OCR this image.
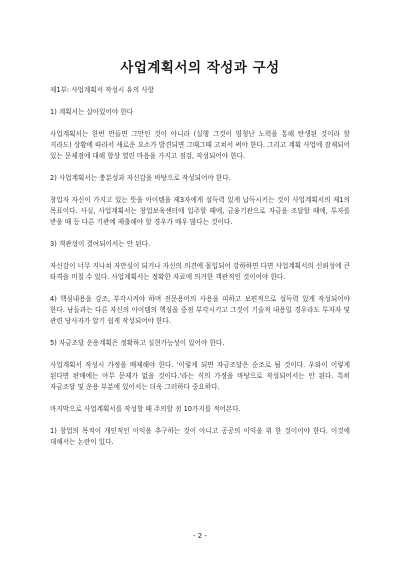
사업계획서의 작성과 구성
제1부: 사업계획서 작성시 유의 사항
1) 계획서는 살아있어야 한다
사업계획서는 한번 만들면 그만인 것이 아니라 (실행 그것이 엄청난 노력을 통해 탄생된 것이라 할 지라도) 상황에 따라서 새로운 요소가 발견되면 그때그때 고쳐서 써야 한다. 그리고 계획 사업에 잠재되어 있는 문제점에 대해 항상 열린 마음을 가지고 점검, 작성되어야 한다.
2) 사업계획서는 충분성과 자신감을 바탕으로 작성되어야 한다.
창업자 자신이 가지고 있는 뜻을 아이템을 제3자에게 설득력 있게 납득시키는 것이 사업계획서의 제1의 목표이다. 사실, 사업계획서는 창업보육센터에 입주할 때에, 금융기관으로 자금을 조달할 때에, 투자를 받을 때 등 다른 기관에 제출해야 할 경우가 매우 많다는 것이다.
3) 객관성이 결여되어서는 안 된다.
자신감이 너무 지나쳐 자만심이 되거나 자신의 의견에 몰입되어 강하하면 다면 사업계획서의 신뢰성에 큰 타격을 미칠 수 있다. 사업계획서는 정확한 자료에 의거한 객관적인 것이어야 한다.
4) 핵심내용을 강조, 부각시켜야 하며 전문용어의 사용을 피하고 보편적으로 설득력 있게 작성되어야 한다. 남들과는 다른 자신의 아이템의 핵심을 중점 부각시키고 그것이 기술적 내용일 경우라도 투자자 및 관련 당사자가 알기 쉽게 작성되어야 한다.
5) 자금조달 운용계획은 정확하고 실현가능성이 있어야 한다.
사업계획서 작성시 가정을 배제해야 한다. '이렇게 되면 자금조달은 순조로 될 것이다. 우와이 이렇게 된다면 판매에는 아무 문제가 없을 것이다.'라는 식의 가정을 바탕으로 작성되어서는 안 된다. 특히 자금조달 및 운용 부분에 있어서는 더욱 그러하다 중요하다.
마지막으로 사업계획서를 작성할 때 주의할 점 10가지를 적어본다.
1) 창업의 목적이 개인적인 이익을 추구하는 것이 아니고 공공의 이익을 위 한 것이어야 한다. 이것에 대해서는 논란이 있다.
- 2 -
